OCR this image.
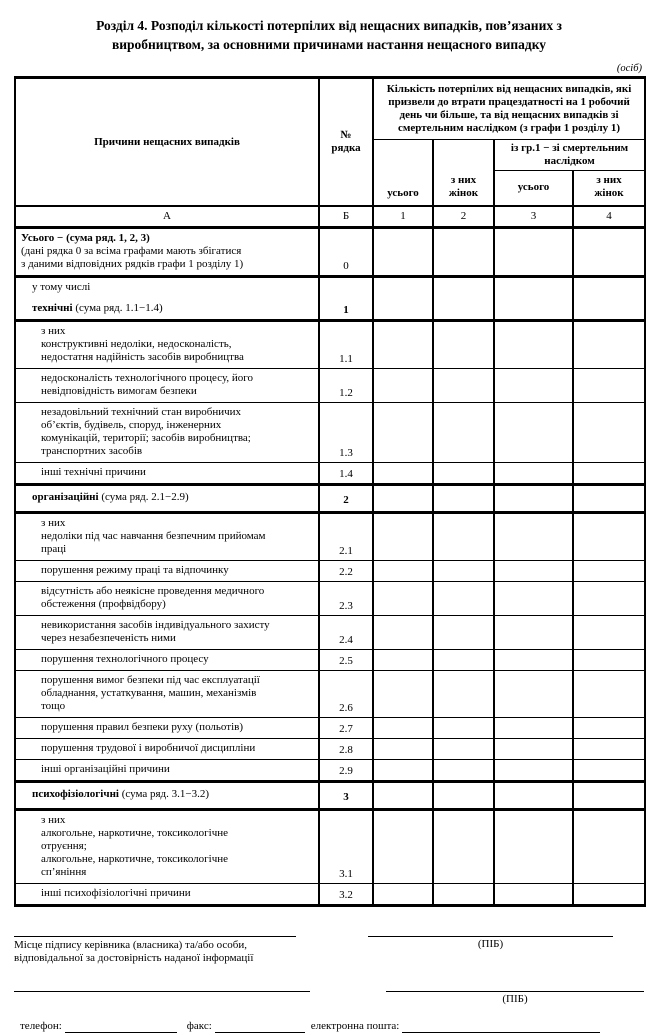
Розділ 4. Розподіл кількості потерпілих від нещасних випадків, пов’язаних з
виробництвом, за основними причинами настання нещасного випадку
(осіб)
Причини нещасних випадків	№ рядка	Кількість потерпілих від нещасних випадків, які призвели до втрати працездатності на 1 робочий день чи більше, та від нещасних випадків зі смертельним наслідком (з графи 1 розділу 1)			
		усього	з них жінок	із гр.1 − зі смертельним наслідком	
				усього	з них жінок

А	Б	1	2	3	4

Усього − (сума ряд. 1, 2, 3)
(дані рядка 0 за всіма графами мають збігатися
з даними відповідних рядків графи 1 розділу 1)	0				

у тому числі
технічні (сума ряд. 1.1−1.4)	1				

з них
конструктивні недоліки, недосконалість,
недостатня надійність засобів виробництва	1.1				

недосконалість технологічного процесу, його
невідповідність вимогам безпеки	1.2				

незадовільний технічний стан виробничих
об’єктів, будівель, споруд, інженерних
комунікацій, території; засобів виробництва;
транспортних засобів	1.3				

інші технічні причини	1.4				

організаційні (сума ряд. 2.1−2.9)	2				

з них
недоліки під час навчання безпечним прийомам
праці	2.1				

порушення режиму праці та відпочинку	2.2				

відсутність або неякісне проведення медичного
обстеження (профвідбору)	2.3				

невикористання засобів індивідуального захисту
через незабезпеченість ними	2.4				

порушення технологічного процесу	2.5				

порушення вимог безпеки під час експлуатації
обладнання, устаткування, машин, механізмів
тощо	2.6				

порушення правил безпеки руху (польотів)	2.7				

порушення трудової і виробничої дисципліни	2.8				

інші організаційні причини	2.9				

психофізіологічні (сума ряд. 3.1−3.2)	3				

з них
алкогольне, наркотичне, токсикологічне
отруєння;
алкогольне, наркотичне, токсикологічне
сп’яніння	3.1				

інші психофізіологічні причини	3.2				
Місце підпису керівника (власника) та/або особи,
відповідальної за достовірність наданої інформації
(ПІБ)
(ПІБ)
телефон:	факс:	електронна пошта:
